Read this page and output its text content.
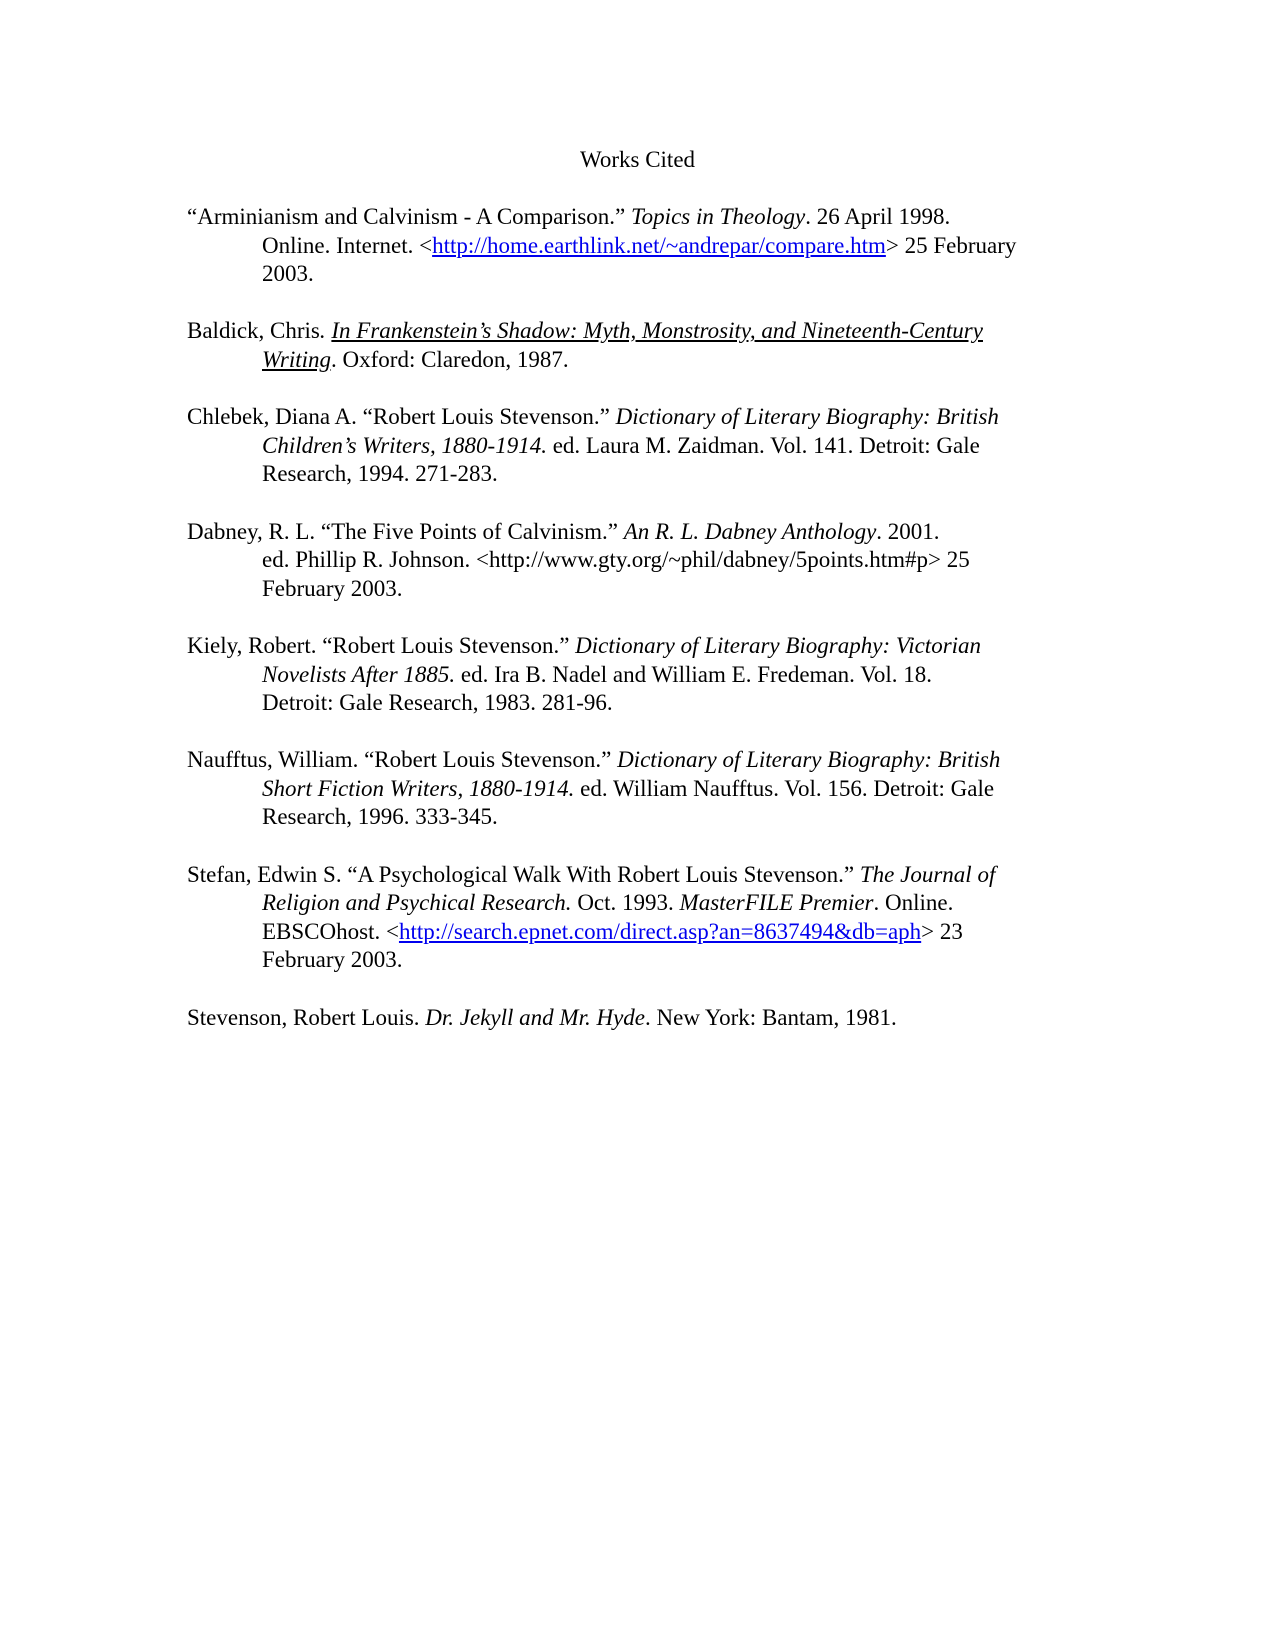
Works Cited
“Arminianism and Calvinism - A Comparison.” Topics in Theology. 26 April 1998.
Online. Internet. <http://home.earthlink.net/~andrepar/compare.htm> 25 February
2003.
Baldick, Chris. In Frankenstein’s Shadow: Myth, Monstrosity, and Nineteenth-Century
Writing. Oxford: Claredon, 1987.
Chlebek, Diana A. “Robert Louis Stevenson.” Dictionary of Literary Biography: British
Children’s Writers, 1880-1914. ed. Laura M. Zaidman. Vol. 141. Detroit: Gale
Research, 1994. 271-283.
Dabney, R. L. “The Five Points of Calvinism.” An R. L. Dabney Anthology. 2001.
ed. Phillip R. Johnson. <http://www.gty.org/~phil/dabney/5points.htm#p> 25
February 2003.
Kiely, Robert. “Robert Louis Stevenson.” Dictionary of Literary Biography: Victorian
Novelists After 1885. ed. Ira B. Nadel and William E. Fredeman. Vol. 18.
Detroit: Gale Research, 1983. 281-96.
Naufftus, William. “Robert Louis Stevenson.” Dictionary of Literary Biography: British
Short Fiction Writers, 1880-1914. ed. William Naufftus. Vol. 156. Detroit: Gale
Research, 1996. 333-345.
Stefan, Edwin S. “A Psychological Walk With Robert Louis Stevenson.” The Journal of
Religion and Psychical Research. Oct. 1993. MasterFILE Premier. Online.
EBSCOhost. <http://search.epnet.com/direct.asp?an=8637494&db=aph> 23
February 2003.
Stevenson, Robert Louis. Dr. Jekyll and Mr. Hyde. New York: Bantam, 1981.
